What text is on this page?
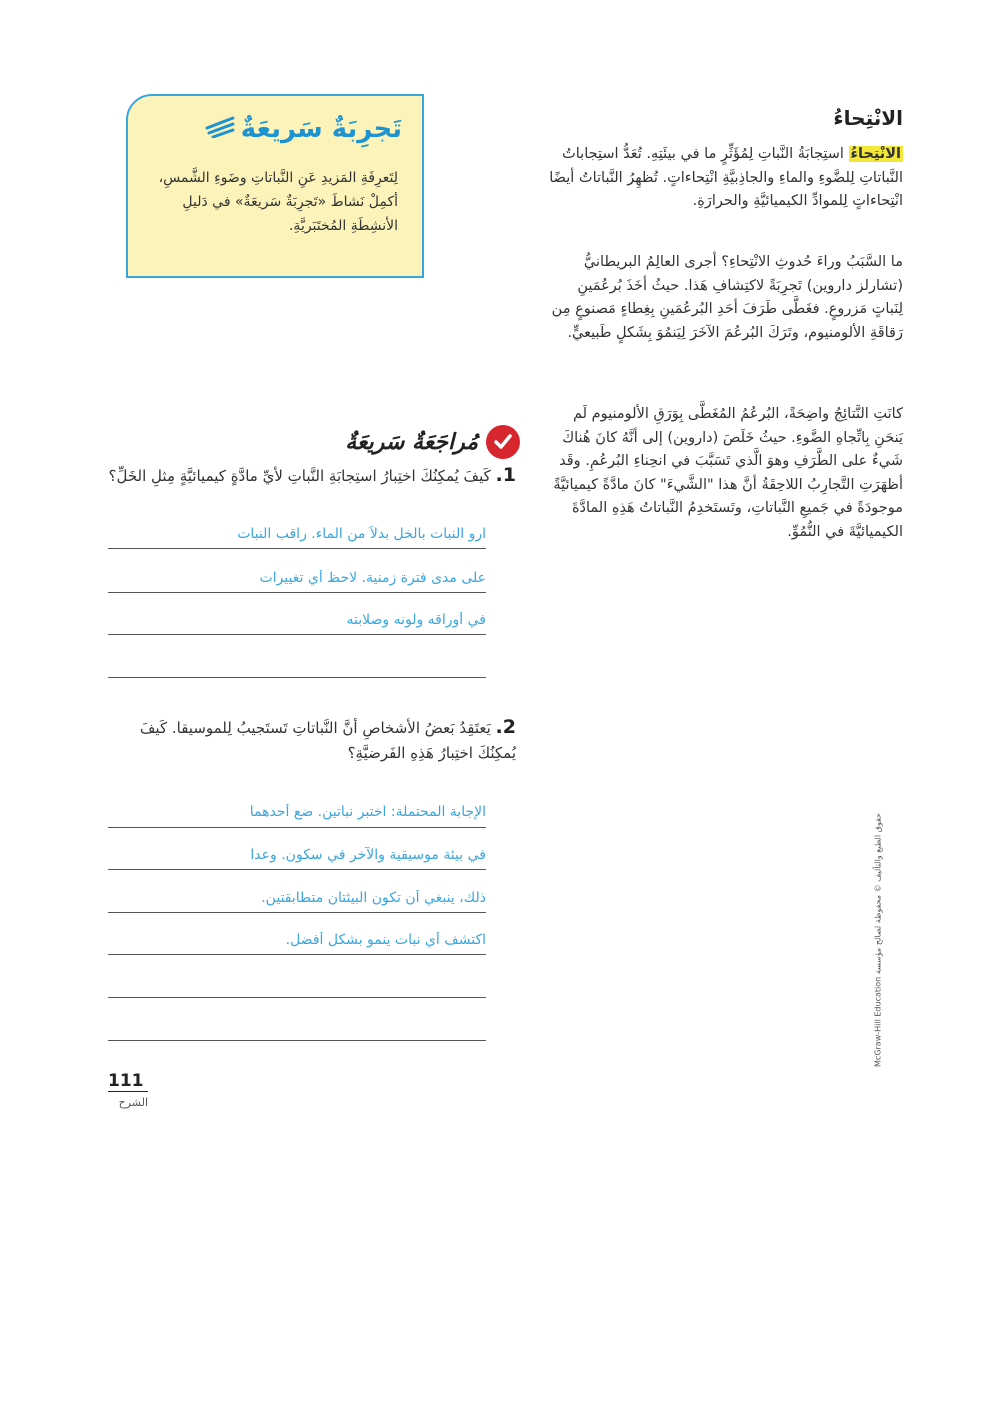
الانْتِحاءُ
الانْتِحاءُ استِجابَةُ النَّباتِ لِمُؤَثِّرٍ ما في بيئَتِهِ. تُعَدُّ استِجاباتُ النَّباتاتِ لِلضَّوءِ والماءِ والجاذِبيَّةِ انْتِحاءاتٍ. تُظهِرُ النَّباتاتُ أيضًا انْتِحاءاتٍ لِلموادِّ الكيميائيَّةِ والحرارَةِ.
ما السَّبَبُ وراءَ حُدوثِ الانْتِحاءِ؟ أجرى العالِمُ البريطانيُّ (تشارلز داروين) تَجرِبَةً لاكتِشافِ هَذا. حيثُ أخَذَ بُرعُمَينِ لِنَباتٍ مَزروعٍ. فغَطَّى طَرَفَ أحَدِ البُرعُمَينِ بِغِطاءٍ مَصنوعٍ مِن رَقاقَةِ الألومنيوم، وتَرَكَ البُرعُمَ الآخَرَ لِيَنمُوَ بِشَكلٍ طَبيعيٍّ.
كانَتِ النَّتائِجُ واضِحَةً، البُرعُمُ المُغَطَّى بِوَرَقِ الألومنيوم لَم يَنحَنِ بِاتِّجاهِ الضَّوءِ. حيثُ خَلَصَ (داروين) إلى أنَّهُ كانَ هُناكَ شَيءٌ على الطَّرَفِ وهوَ الَّذي تَسَبَّبَ في انحِناءِ البُرعُمِ. وقَد أظهَرَتِ التَّجارِبُ اللاحِقَةُ أنَّ هذا "الشَّيءَ" كانَ مادَّةً كيميائيَّةً موجودَةً في جَميعِ النَّباتاتِ، وتَستَخدِمُ النَّباتاتُ هَذِهِ المادَّةَ الكيميائيَّةَ في النُّمُوِّ.
تَجرِبَةٌ سَريعَةٌ
لِتَعرِفَةِ المَزيدِ عَنِ النَّباتاتِ وضَوءِ الشَّمسِ، أكمِلْ نَشاطَ «تَجرِبَةٌ سَريعَةٌ» في دَليلِ الأنشِطَةِ المُختَبَريَّةِ.
مُراجَعَةٌ سَريعَةٌ
1. كَيفَ يُمكِنُكَ اختِبارُ استِجابَةِ النَّباتِ لأيِّ مادَّةٍ كيميائيَّةٍ مِثلِ الخَلِّ؟
اروِ النبات بالخل بدلاً من الماء. راقب النبات
على مدى فترة زمنية. لاحظ أي تغييرات
في أوراقه ولونه وصلابته
2. يَعتَقِدُ بَعضُ الأشخاصِ أنَّ النَّباتاتِ تَستَجيبُ لِلموسيقا. كَيفَ يُمكِنُكَ اختِبارُ هَذِهِ الفَرضيَّةِ؟
الإجابة المحتملة: اختبر نباتين. ضع أحدهما
في بيئة موسيقية والآخر في سكون. وعدا
ذلك، ينبغي أن تكون البيئتان متطابقتين.
اكتشف أي نبات ينمو بشكل أفضل.
111
الشرح
McGraw-Hill Education حقوق الطبع والتأليف © محفوظة لصالح مؤسسة
